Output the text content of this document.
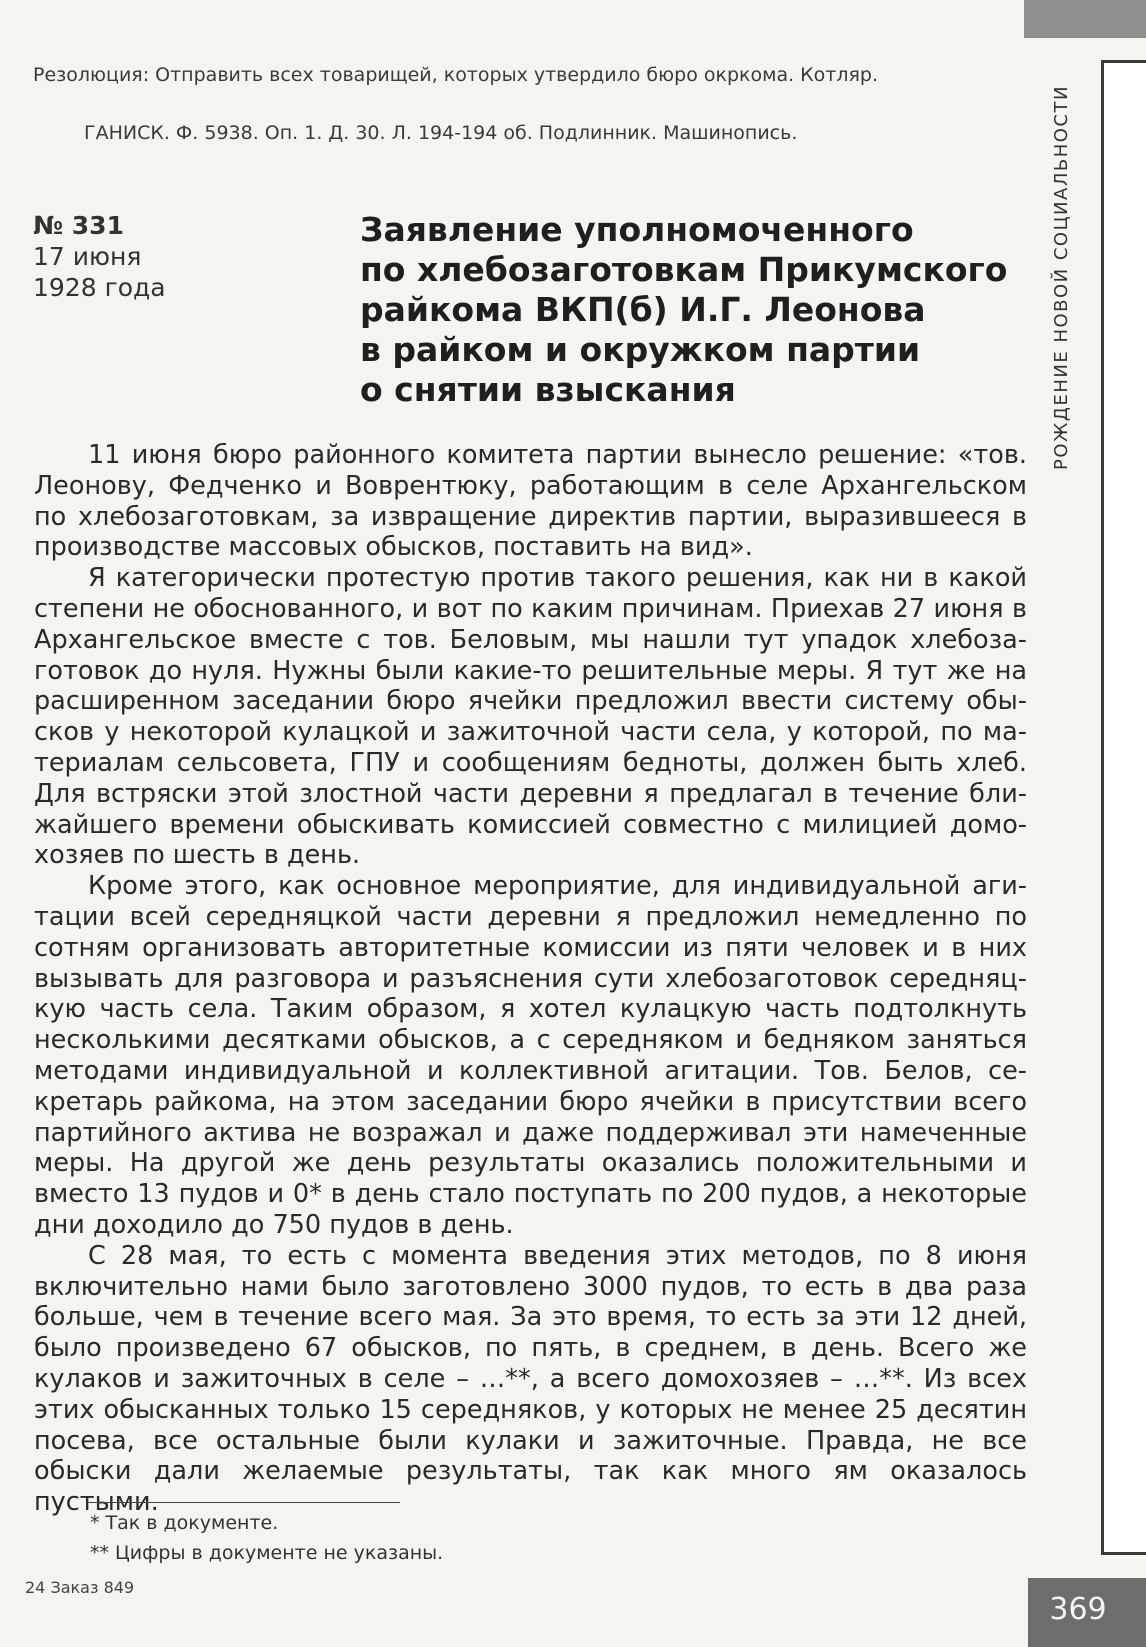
РОЖДЕНИЕ НОВОЙ СОЦИАЛЬНОСТИ
Резолюция: Отправить всех товарищей, которых утвердило бюро окркома. Котляр.
ГАНИСК. Ф. 5938. Оп. 1. Д. 30. Л. 194-194 об. Подлинник. Машинопись.
№ 331
17 июня
1928 года
Заявление уполномоченного
по хлебозаготовкам Прикумского
райкома ВКП(б) И.Г. Леонова
в райком и окружком партии
о снятии взыскания

11 июня бюро районного комитета партии вынесло решение: «тов. Леонову, Федченко и Воврентюку, работающим в селе Архангельском по хлебозаготовкам, за извращение директив партии, выразившееся в производстве массовых обысков, поставить на вид».

Я категорически протестую против такого решения, как ни в какой степени не обоснованного, и вот по каким причинам. Приехав 27 июня в Архангельское вместе с тов. Беловым, мы нашли тут упадок хлебозаготовок до нуля. Нужны были какие-то решительные меры. Я тут же на расширенном заседании бюро ячейки предложил ввести систему обысков у некоторой кулацкой и зажиточной части села, у которой, по материалам сельсовета, ГПУ и сообщениям бедноты, должен быть хлеб. Для встряски этой злостной части деревни я предлагал в течение ближайшего времени обыскивать комиссией совместно с милицией домохозяев по шесть в день.

Кроме этого, как основное мероприятие, для индивидуальной агитации всей середняцкой части деревни я предложил немедленно по сотням организовать авторитетные комиссии из пяти человек и в них вызывать для разговора и разъяснения сути хлебозаготовок середняцкую часть села. Таким образом, я хотел кулацкую часть подтолкнуть несколькими десятками обысков, а с середняком и бедняком заняться методами индивидуальной и коллективной агитации. Тов. Белов, секретарь райкома, на этом заседании бюро ячейки в присутствии всего партийного актива не возражал и даже поддерживал эти намеченные меры. На другой же день результаты оказались положительными и вместо 13 пудов и 0* в день стало поступать по 200 пудов, а некоторые дни доходило до 750 пудов в день.

С 28 мая, то есть с момента введения этих методов, по 8 июня включительно нами было заготовлено 3000 пудов, то есть в два раза больше, чем в течение всего мая. За это время, то есть за эти 12 дней, было произведено 67 обысков, по пять, в среднем, в день. Всего же кулаков и зажиточных в селе – …**, а всего домохозяев – …**. Из всех этих обысканных только 15 середняков, у которых не менее 25 десятин посева, все остальные были кулаки и зажиточные. Правда, не все обыски дали желаемые результаты, так как много ям оказалось пустыми.

* Так в документе.
** Цифры в документе не указаны.
24 Заказ 849
369
